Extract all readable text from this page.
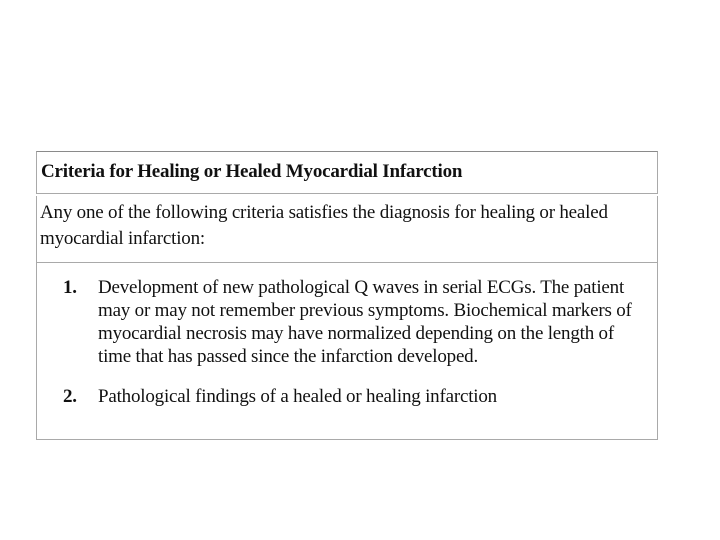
Criteria for Healing or Healed Myocardial Infarction
Any one of the following criteria satisfies the diagnosis for healing or healed myocardial infarction:
1. Development of new pathological Q waves in serial ECGs. The patient may or may not remember previous symptoms. Biochemical markers of myocardial necrosis may have normalized depending on the length of time that has passed since the infarction developed.
2. Pathological findings of a healed or healing infarction
